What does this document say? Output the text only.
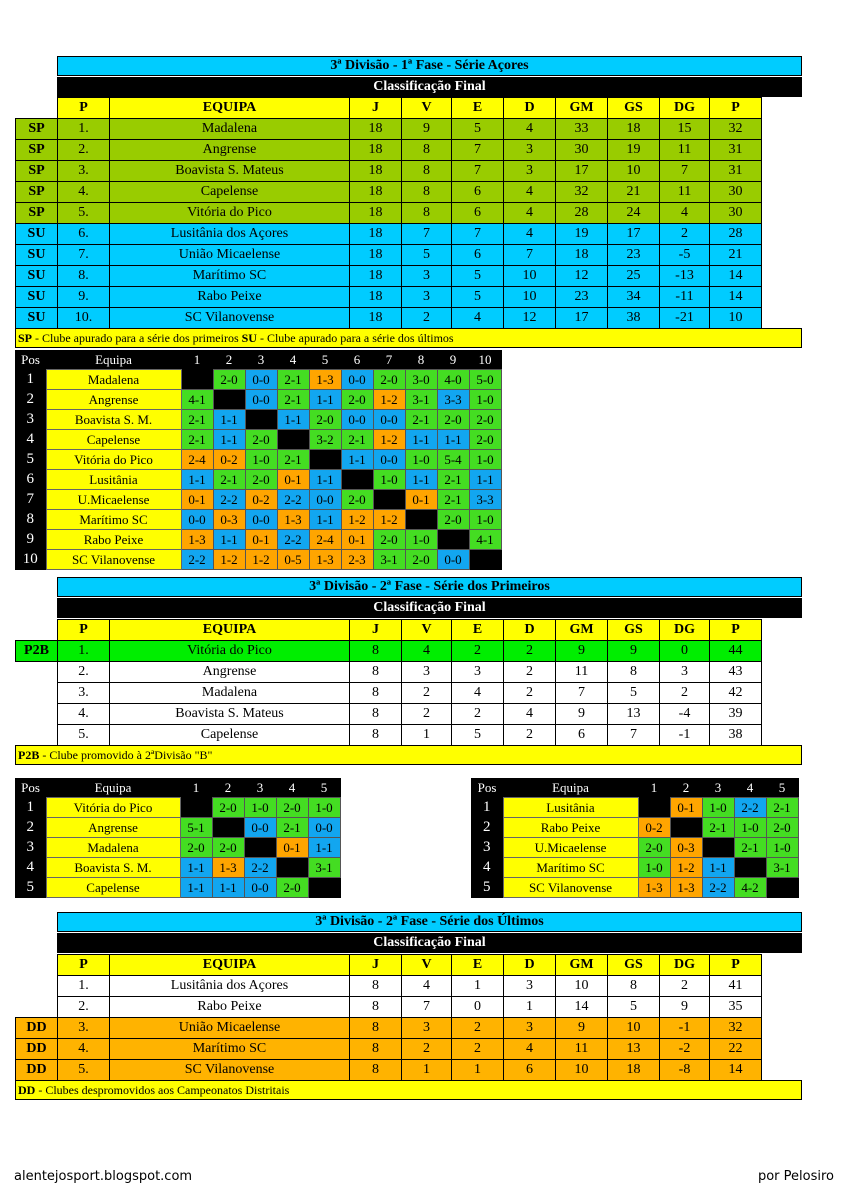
3ª Divisão - 1ª Fase - Série Açores
Classificação Final
	P	EQUIPA	J	V	E	D	GM	GS	DG	P
SP	1.	Madalena	18	9	5	4	33	18	15	32
SP	2.	Angrense	18	8	7	3	30	19	11	31
SP	3.	Boavista S. Mateus	18	8	7	3	17	10	7	31
SP	4.	Capelense	18	8	6	4	32	21	11	30
SP	5.	Vitória do Pico	18	8	6	4	28	24	4	30
SU	6.	Lusitânia dos Açores	18	7	7	4	19	17	2	28
SU	7.	União Micaelense	18	5	6	7	18	23	-5	21
SU	8.	Marítimo SC	18	3	5	10	12	25	-13	14
SU	9.	Rabo Peixe	18	3	5	10	23	34	-11	14
SU	10.	SC Vilanovense	18	2	4	12	17	38	-21	10
SP - Clube apurado para a série dos primeiros SU - Clube apurado para a série dos últimos
Pos	Equipa	1	2	3	4	5	6	7	8	9	10
1	Madalena		2-0	0-0	2-1	1-3	0-0	2-0	3-0	4-0	5-0
2	Angrense	4-1		0-0	2-1	1-1	2-0	1-2	3-1	3-3	1-0
3	Boavista S. M.	2-1	1-1		1-1	2-0	0-0	0-0	2-1	2-0	2-0
4	Capelense	2-1	1-1	2-0		3-2	2-1	1-2	1-1	1-1	2-0
5	Vitória do Pico	2-4	0-2	1-0	2-1		1-1	0-0	1-0	5-4	1-0
6	Lusitânia	1-1	2-1	2-0	0-1	1-1		1-0	1-1	2-1	1-1
7	U.Micaelense	0-1	2-2	0-2	2-2	0-0	2-0		0-1	2-1	3-3
8	Marítimo SC	0-0	0-3	0-0	1-3	1-1	1-2	1-2		2-0	1-0
9	Rabo Peixe	1-3	1-1	0-1	2-2	2-4	0-1	2-0	1-0		4-1
10	SC Vilanovense	2-2	1-2	1-2	0-5	1-3	2-3	3-1	2-0	0-0	
3ª Divisão - 2ª Fase - Série dos Primeiros
Classificação Final
	P	EQUIPA	J	V	E	D	GM	GS	DG	P
P2B	1.	Vitória do Pico	8	4	2	2	9	9	0	44
	2.	Angrense	8	3	3	2	11	8	3	43
	3.	Madalena	8	2	4	2	7	5	2	42
	4.	Boavista S. Mateus	8	2	2	4	9	13	-4	39
	5.	Capelense	8	1	5	2	6	7	-1	38
P2B - Clube promovido à 2ªDivisão "B"
Pos	Equipa	1	2	3	4	5
1	Vitória do Pico		2-0	1-0	2-0	1-0
2	Angrense	5-1		0-0	2-1	0-0
3	Madalena	2-0	2-0		0-1	1-1
4	Boavista S. M.	1-1	1-3	2-2		3-1
5	Capelense	1-1	1-1	0-0	2-0	
Pos	Equipa	1	2	3	4	5
1	Lusitânia		0-1	1-0	2-2	2-1
2	Rabo Peixe	0-2		2-1	1-0	2-0
3	U.Micaelense	2-0	0-3		2-1	1-0
4	Marítimo SC	1-0	1-2	1-1		3-1
5	SC Vilanovense	1-3	1-3	2-2	4-2	
3ª Divisão - 2ª Fase - Série dos Últimos
Classificação Final
	P	EQUIPA	J	V	E	D	GM	GS	DG	P
	1.	Lusitânia dos Açores	8	4	1	3	10	8	2	41
	2.	Rabo Peixe	8	7	0	1	14	5	9	35
DD	3.	União Micaelense	8	3	2	3	9	10	-1	32
DD	4.	Marítimo SC	8	2	2	4	11	13	-2	22
DD	5.	SC Vilanovense	8	1	1	6	10	18	-8	14
DD - Clubes despromovidos aos Campeonatos Distritais
alentejosport.blogspot.com	por Pelosiro
